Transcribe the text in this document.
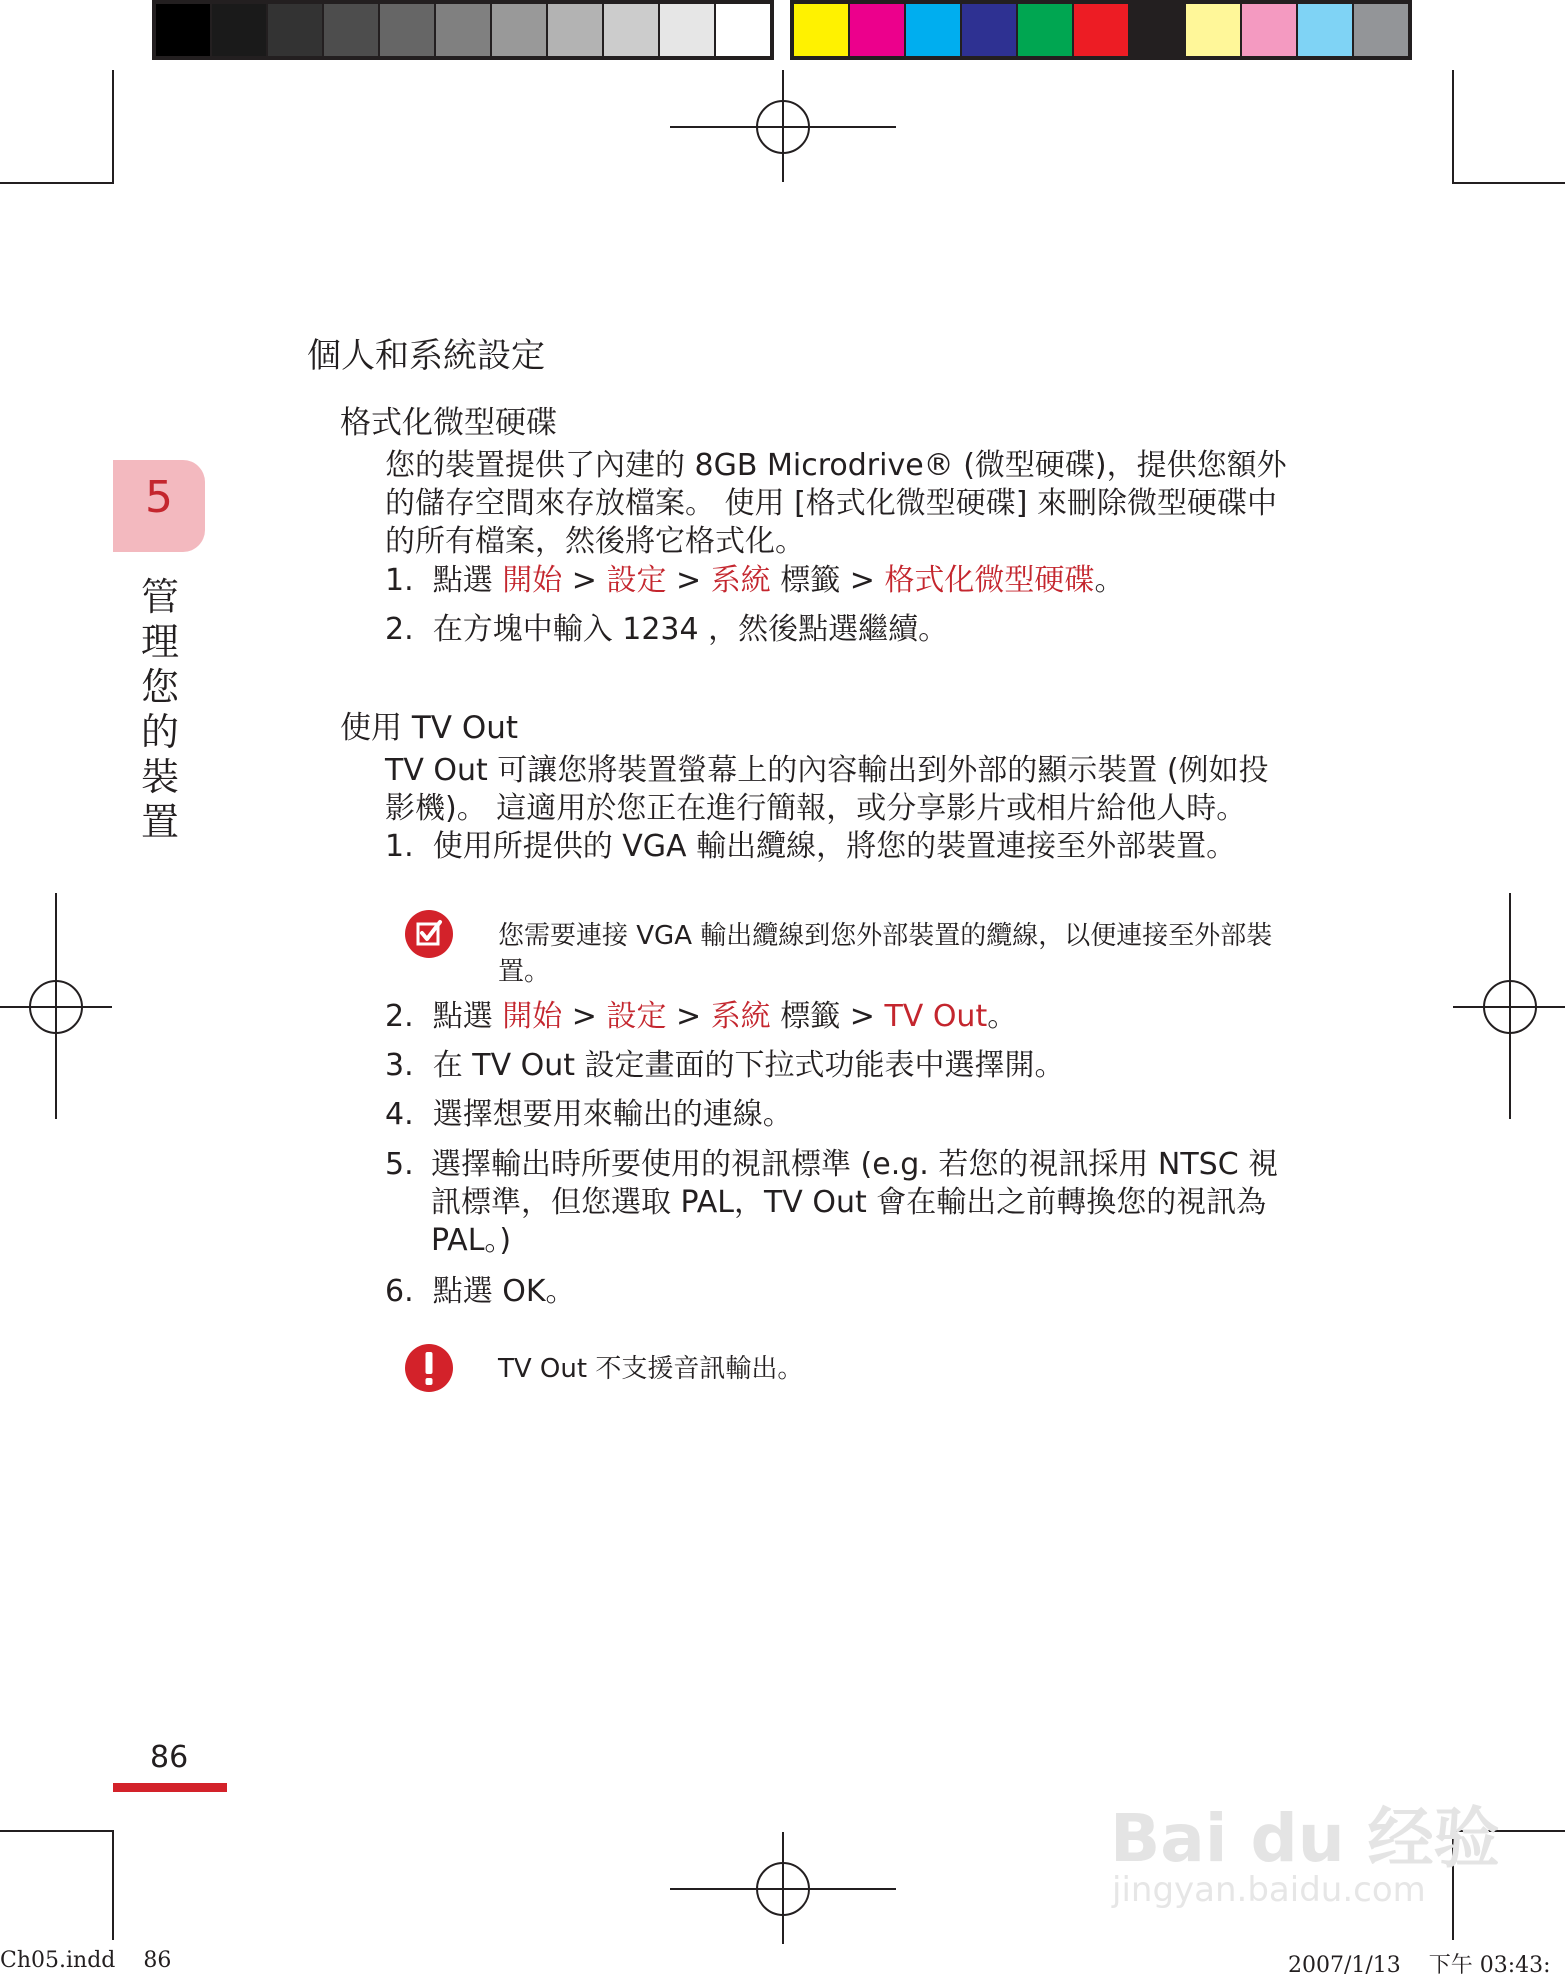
5
管
理
您
的
裝
置
個人和系統設定
格式化微型硬碟
您的裝置提供了內建的 8GB Microdrive® (微型硬碟)，提供您額外
的儲存空間來存放檔案。 使用 [格式化微型硬碟] 來刪除微型硬碟中
的所有檔案，然後將它格式化。
1. 點選 開始 > 設定 > 系統 標籤 > 格式化微型硬碟。
2. 在方塊中輸入 1234 ，然後點選繼續。
使用 TV Out
TV Out 可讓您將裝置螢幕上的內容輸出到外部的顯示裝置 (例如投
影機)。 這適用於您正在進行簡報，或分享影片或相片給他人時。
1. 使用所提供的 VGA 輸出纜線，將您的裝置連接至外部裝置。
您需要連接 VGA 輸出纜線到您外部裝置的纜線，以便連接至外部裝
置。
2. 點選 開始 > 設定 > 系統 標籤 > TV Out。
3. 在 TV Out 設定畫面的下拉式功能表中選擇開。
4. 選擇想要用來輸出的連線。
5. 選擇輸出時所要使用的視訊標準 (e.g. 若您的視訊採用 NTSC 視
訊標準，但您選取 PAL，TV Out 會在輸出之前轉換您的視訊為
PAL。)
6. 點選 OK。
TV Out 不支援音訊輸出。
86
Bai du 经验
jingyan.baidu.com
Ch05.indd    86	2007/1/13    下午 03:43:
